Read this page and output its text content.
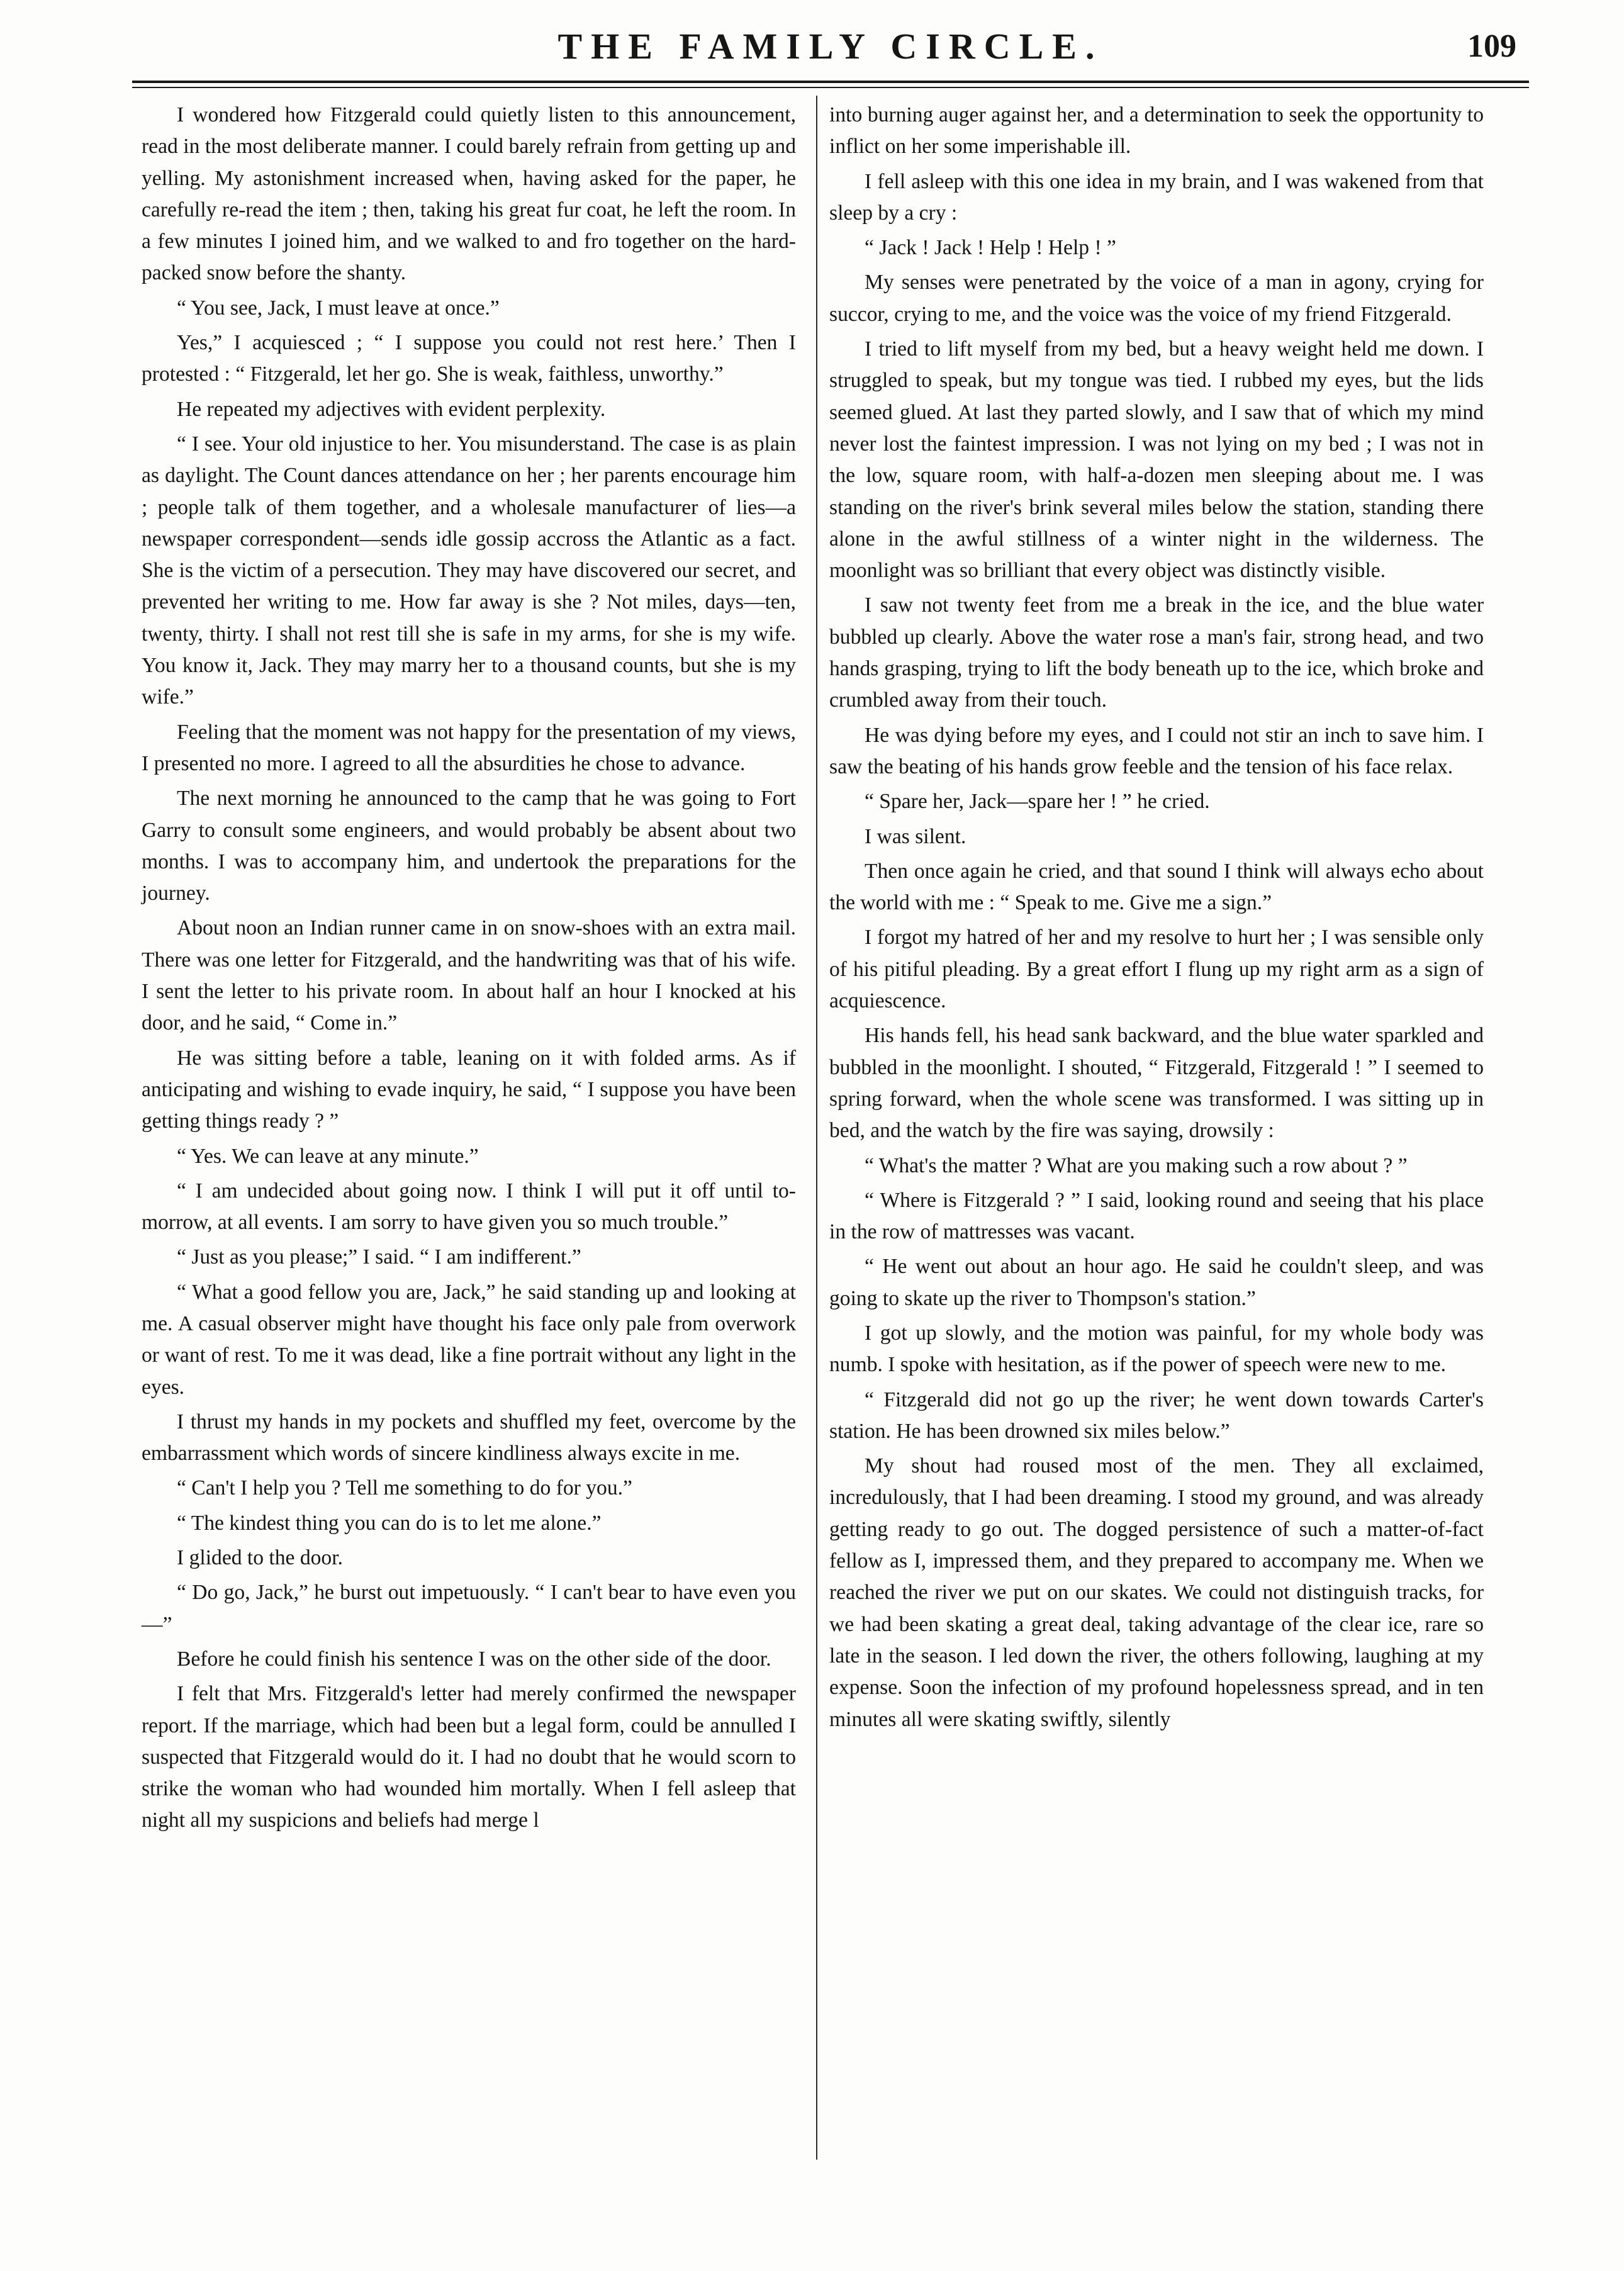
THE FAMILY CIRCLE.	109

I wondered how Fitzgerald could quietly listen to this announcement, read in the most deliberate manner. I could barely refrain from getting up and yelling. My astonishment increased when, having asked for the paper, he carefully re-read the item ; then, taking his great fur coat, he left the room. In a few minutes I joined him, and we walked to and fro together on the hard-packed snow before the shanty.

“ You see, Jack, I must leave at once.”

Yes,” I acquiesced ; “ I suppose you could not rest here.’ Then I protested : “ Fitzgerald, let her go. She is weak, faithless, unworthy.”

He repeated my adjectives with evident perplexity.

“ I see. Your old injustice to her. You misunderstand. The case is as plain as daylight. The Count dances attendance on her ; her parents encourage him ; people talk of them together, and a wholesale manufacturer of lies—a newspaper correspondent—sends idle gossip accross the Atlantic as a fact. She is the victim of a persecution. They may have discovered our secret, and prevented her writing to me. How far away is she ? Not miles, days—ten, twenty, thirty. I shall not rest till she is safe in my arms, for she is my wife. You know it, Jack. They may marry her to a thousand counts, but she is my wife.”

Feeling that the moment was not happy for the presentation of my views, I presented no more. I agreed to all the absurdities he chose to advance.

The next morning he announced to the camp that he was going to Fort Garry to consult some engineers, and would probably be absent about two months. I was to accompany him, and undertook the preparations for the journey.

About noon an Indian runner came in on snow-shoes with an extra mail. There was one letter for Fitzgerald, and the handwriting was that of his wife. I sent the letter to his private room. In about half an hour I knocked at his door, and he said, “ Come in.”

He was sitting before a table, leaning on it with folded arms. As if anticipating and wishing to evade inquiry, he said, “ I suppose you have been getting things ready ? ”

“ Yes. We can leave at any minute.”

“ I am undecided about going now. I think I will put it off until to-morrow, at all events. I am sorry to have given you so much trouble.”

“ Just as you please;” I said. “ I am indifferent.”

“ What a good fellow you are, Jack,” he said standing up and looking at me. A casual observer might have thought his face only pale from overwork or want of rest. To me it was dead, like a fine portrait without any light in the eyes.

I thrust my hands in my pockets and shuffled my feet, overcome by the embarrassment which words of sincere kindliness always excite in me.

“ Can't I help you ? Tell me something to do for you.”

“ The kindest thing you can do is to let me alone.”

I glided to the door.

“ Do go, Jack,” he burst out impetuously. “ I can't bear to have even you—”

Before he could finish his sentence I was on the other side of the door.

I felt that Mrs. Fitzgerald's letter had merely confirmed the newspaper report. If the marriage, which had been but a legal form, could be annulled I suspected that Fitzgerald would do it. I had no doubt that he would scorn to strike the woman who had wounded him mortally. When I fell asleep that night all my suspicions and beliefs had merge l

into burning auger against her, and a determination to seek the opportunity to inflict on her some imperishable ill.

I fell asleep with this one idea in my brain, and I was wakened from that sleep by a cry :

“ Jack ! Jack ! Help ! Help ! ”

My senses were penetrated by the voice of a man in agony, crying for succor, crying to me, and the voice was the voice of my friend Fitzgerald.

I tried to lift myself from my bed, but a heavy weight held me down. I struggled to speak, but my tongue was tied. I rubbed my eyes, but the lids seemed glued. At last they parted slowly, and I saw that of which my mind never lost the faintest impression. I was not lying on my bed ; I was not in the low, square room, with half-a-dozen men sleeping about me. I was standing on the river's brink several miles below the station, standing there alone in the awful stillness of a winter night in the wilderness. The moonlight was so brilliant that every object was distinctly visible.

I saw not twenty feet from me a break in the ice, and the blue water bubbled up clearly. Above the water rose a man's fair, strong head, and two hands grasping, trying to lift the body beneath up to the ice, which broke and crumbled away from their touch.

He was dying before my eyes, and I could not stir an inch to save him. I saw the beating of his hands grow feeble and the tension of his face relax.

“ Spare her, Jack—spare her ! ” he cried.

I was silent.

Then once again he cried, and that sound I think will always echo about the world with me : “ Speak to me. Give me a sign.”

I forgot my hatred of her and my resolve to hurt her ; I was sensible only of his pitiful pleading. By a great effort I flung up my right arm as a sign of acquiescence.

His hands fell, his head sank backward, and the blue water sparkled and bubbled in the moonlight. I shouted, “ Fitzgerald, Fitzgerald ! ” I seemed to spring forward, when the whole scene was transformed. I was sitting up in bed, and the watch by the fire was saying, drowsily :

“ What's the matter ? What are you making such a row about ? ”

“ Where is Fitzgerald ? ” I said, looking round and seeing that his place in the row of mattresses was vacant.

“ He went out about an hour ago. He said he couldn't sleep, and was going to skate up the river to Thompson's station.”

I got up slowly, and the motion was painful, for my whole body was numb. I spoke with hesitation, as if the power of speech were new to me.

“ Fitzgerald did not go up the river; he went down towards Carter's station. He has been drowned six miles below.”

My shout had roused most of the men. They all exclaimed, incredulously, that I had been dreaming. I stood my ground, and was already getting ready to go out. The dogged persistence of such a matter-of-fact fellow as I, impressed them, and they prepared to accompany me. When we reached the river we put on our skates. We could not distinguish tracks, for we had been skating a great deal, taking advantage of the clear ice, rare so late in the season. I led down the river, the others following, laughing at my expense. Soon the infection of my profound hopelessness spread, and in ten minutes all were skating swiftly, silently
